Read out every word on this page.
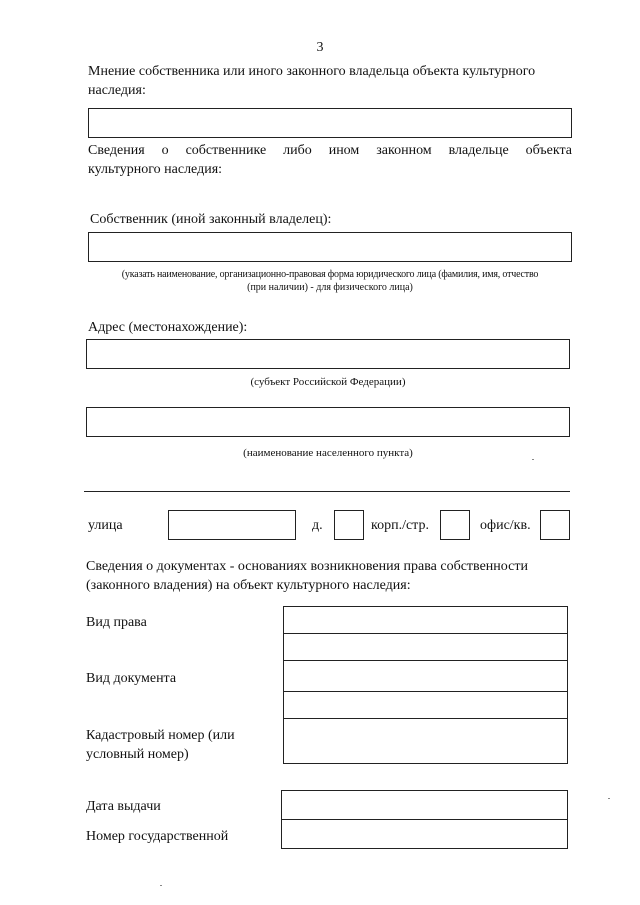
3
Мнение собственника или иного законного владельца объекта культурного
наследия:
Сведения о собственнике либо ином законном владельце объекта
культурного наследия:
Собственник (иной законный владелец):
(указать наименование, организационно-правовая форма юридического лица (фамилия, имя, отчество
(при наличии) - для физического лица)
Адрес (местонахождение):
(субъект Российской Федерации)
(наименование населенного пункта)
улица	д.	корп./стр.	офис/кв.
Сведения о документах - основаниях возникновения права собственности
(законного владения) на объект культурного наследия:
Вид права
Вид документа
Кадастровый номер (или
условный номер)
Дата выдачи
Номер государственной
